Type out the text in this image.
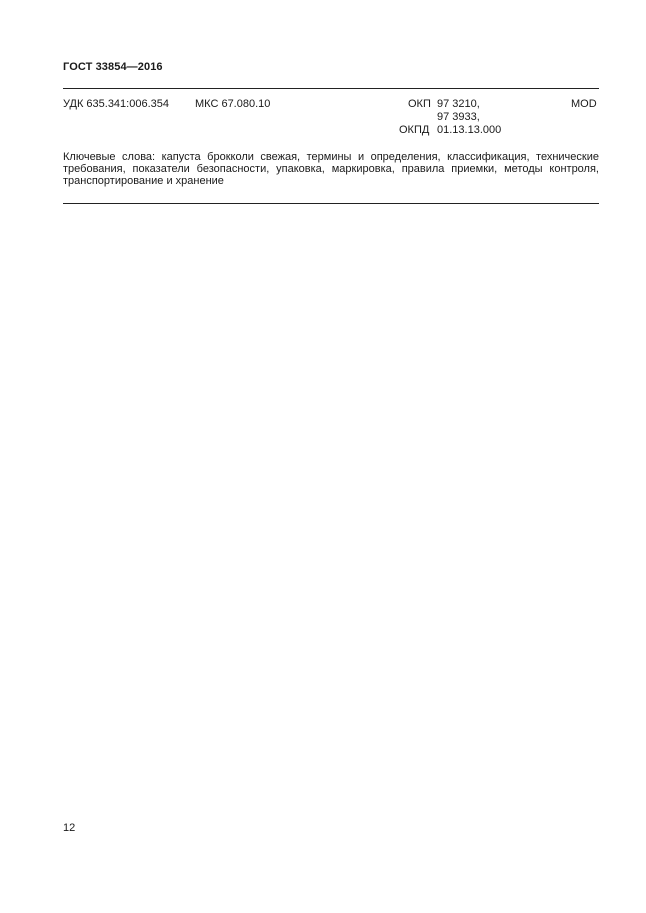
ГОСТ 33854—2016
УДК 635.341:006.354 МКС 67.080.10	ОКП 97 3210,
97 3933,
ОКПД 01.13.13.000
MOD
Ключевые слова: капуста брокколи свежая, термины и определения, классификация, технические требования, показатели безопасности, упаковка, маркировка, правила приемки, методы контроля, транспортирование и хранение
12
